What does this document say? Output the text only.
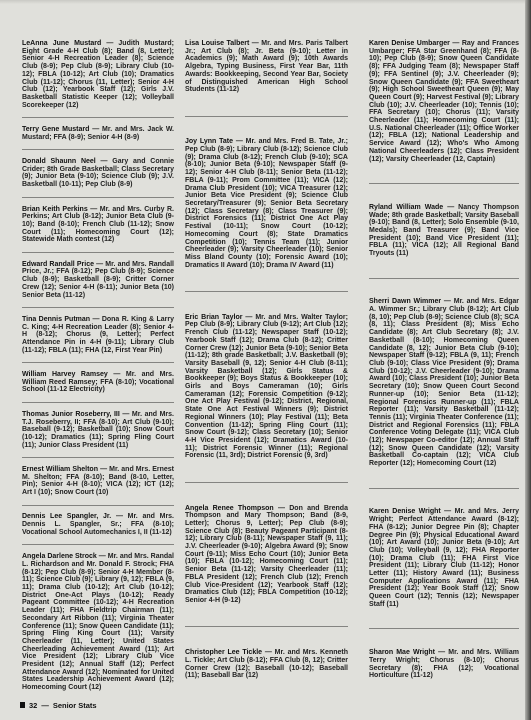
LeAnna June Mustard — Judith Mustard; Eight Grade 4-H Club (8); Band (8, Letter); Senior 4-H Recreation Leader (8); Science Club (8-9); Pep Club (8-9); Library Club (10-12); FBLA (10-12); Art Club (10); Dramatics Club (11-12); Chorus (11, Letter); Senior 4-H Club (12); Yearbook Staff (12); Girls J.V. Basketball Statistic Keeper (12); Volleyball Scorekeeper (12)
Terry Gene Mustard — Mr. and Mrs. Jack W. Mustard; FFA (8-9); Senior 4-H (8-9)
Donald Shaunn Neel — Gary and Connie Crider; 8th Grade Basketball; Class Secretary (9); Junior Beta (9-10); Science Club (9); J.V. Basketball (10-11); Pep Club (8-9)
Brian Keith Perkins — Mr. and Mrs. Curby R. Perkins; Art Club (8-12); Junior Beta Club (9-10); Band (8-10); French Club (11-12); Snow Court (11); Homecoming Court (12); Statewide Math contest (12)
Edward Randall Price — Mr. and Mrs. Randall Price, Jr.; FFA (8-12); Pep Club (8-9); Science Club (8-9); Basketball (8-9); Critter Corner Crew (12); Senior 4-H (8-11); Junior Beta (10) Senior Beta (11-12)
Tina Dennis Putman — Dona R. King & Larry C. King; 4-H Recreation Leader (8); Senior 4-H (8-12); Chorus (9, Letter); Perfect Attendance Pin in 4-H (9-11); Library Club (11-12); FBLA (11); FHA (12, First Year Pin)
William Harvey Ramsey — Mr. and Mrs. William Reed Ramsey; FFA (8-10); Vocational School (11-12 Electricity)
Thomas Junior Roseberry, III — Mr. and Mrs. T.J. Roseberry, II; FFA (8-10); Art Club (9-10); Baseball (9-12); Basketball (10); Snow Court (10-12); Dramatics (11); Spring Fling Court (11); Junior Class President (11)
Ernest William Shelton — Mr. and Mrs. Ernest M. Shelton; FFA (8-10); Band (8-10, Letter, Pin); Senior 4-H (8-10); VICA (12); ICT (12); Art I (10); Snow Court (10)
Dennis Lee Spangler, Jr. — Mr. and Mrs. Dennis L. Spangler, Sr.; FFA (8-10); Vocational School Automechanics I, II (11-12)
Angela Darlene Strock — Mr. and Mrs. Randal L. Richardson and Mr. Donald F. Strock; FHA (8-12); Pep Club (8-9); Senior 4-H Member (8-11); Science Club (9); Library (9, 12); FBLA (9, 11); Drama Club (10-12); Art Club (10-12); District One-Act Plays (10-12); Ready Pageant Committee (10-12); 4-H Recreation Leader (11); FHA Fieldtrip Chairman (11); Secondary Art Ribbon (11); Virginia Theater Conference (11); Snow Queen Candidate (11); Spring Fling King Court (11); Varsity Cheerleader (11, Letter); United States Cheerleading Achievement Award (11); Art Vice President (12); Library Club Vice President (12); Annual Staff (12); Perfect Attendance Award (12); Nominated for United States Leadership Achievement Award (12); Homecoming Court (12)
Lisa Louise Talbert — Mr. and Mrs. Paris Talbert Jr.; Art Club (8); Jr. Beta (9-10); Letter in Academics (9); Math Award (9); 10th Awards Algebra, Typing Business, First Year Bar, 11th Awards: Bookkeeping, Second Year Bar, Society of Distinguished American High School Students (11-12)
Joy Lynn Tate — Mr. and Mrs. Fred B. Tate, Jr.; Pep Club (8-9); Library Club (8-12); Science Club (9); Drama Club (8-12); French Club (9-10); SCA (8-10); Junior Beta (9-10); Newspaper Staff (9-12); Senior 4-H Club (8-11); Senior Beta (11-12); FBLA (9-11); Prom Committee (11); VICA (12); Drama Club President (10); VICA Treasurer (12); Junior Beta Vice President (9); Science Club Secretary/Treasurer (9); Senior Beta Secretary (12); Class Secretary (8); Class Treasurer (9); District Forensics (11); District One Act Play Festival (10-11); Snow Court (10-12); Homecoming Court (8); State Dramatics Competition (10); Tennis Team (11); Junior Cheerleader (9); Varsity Cheerleader (10); Senior Miss Bland County (10); Forensic Award (10); Dramatics II Award (10); Drama IV Award (11)
Eric Brian Taylor — Mr. and Mrs. Walter Taylor; Pep Club (8-9); Library Club (9-12); Art Club (12); French Club (11-12); Newspaper Staff (10-12); Yearbook Staff (12); Drama Club (8-12); Critter Corner Crew (12); Junior Beta (9-10); Senior Beta (11-12); 8th grade Basketball; J.V. Basketball (9); Varsity Baseball (9, 12); Senior 4-H Club (8-11); Varsity Basketball (12); Girls Status & Bookkeeper (9); Boys Status & Bookkeeper (10); Girls and Boys Cameraman (10); Girls Cameraman (12); Forensic Competition (9-12); One Act Play Festival (9-12); District, Regional, State One Act Festival Winners (9); District Regional Winners (10); Play Festival (11); Beta Convention (11-12); Spring Fling Court (11); Snow Court (9-12); Class Secretary (10); Senior 4-H Vice President (12); Dramatics Award (10-11); District Forensic Winner (11); Regional Forensic (11, 3rd); District Forensic (9, 3rd)
Angela Renee Thompson — Don and Brenda Thompson and Mary Thompson; Band (8-9, Letter); Chorus 9, Letter); Pep Club (8-9); Science Club (8); Beauty Pageant Participant (8-12); Library Club (8-11); Newspaper Staff (9, 11); J.V. Cheerleader (9-10); Algebra Award (9); Snow Court (9-11); Miss Echo Court (10); Junior Beta (10); FBLA (10-12); Homecoming Court (11); Senior Beta (11-12); Varsity Cheerleader (11); FBLA President (12); French Club (12); French Club Vice-President (12); Yearbook Staff (12); Dramatics Club (12); FBLA Competition (10-12); Senior 4-H (9-12)
Christopher Lee Tickle — Mr. and Mrs. Kenneth L. Tickle; Art Club (8-12); FFA Club (8, 12); Critter Corner Crew (12); Baseball (10-12); Baseball (11); Baseball Bar (12)
Karen Denise Umbarger — Ray and Frances Umbarger; FFA Star Greenhand (8); FFA (8-10); Pep Club (8-9); Snow Queen Candidate (8); FFA Judging Team (8); Newspaper Staff (9); FFA Sentinel (9); J.V. Cheerleader (9); Snow Queen Candidate (9); FFA Sweetheart (9); High School Sweetheart Queen (9); May Queen Court (9); Harvest Festival (9); Library Club (10); J.V. Cheerleader (10); Tennis (10); FFA Secretary (10); Chorus (11); Varsity Cheerleader (11); Homecoming Court (11); U.S. National Cheerleader (11); Office Worker (12); FBLA (12); National Leadership and Service Award (12); Who's Who Among National Cheerleaders (12); Class President (12); Varsity Cheerleader (12, Captain)
Ryland William Wade — Nancy Thompson Wade; 8th grade Basketball; Varsity Baseball (9-10); Band (8, Letter); Solo Ensemble (9-10, Medals); Band Treasurer (9); Band Vice President (10); Band Vice President (11); FBLA (11); VICA (12); All Regional Band Tryouts (11)
Sherri Dawn Wimmer — Mr. and Mrs. Edgar A. Wimmer Sr.; Library Club (8-12); Art Club (8, 10); Pep Club (8-9); Science Club (8); SCA (8, 11); Class President (8); Miss Echo Candidate (8); Art Club Secretary (8); J.V. Basketball (8-10); Homecoming Queen Candidate (8, 12); Junior Beta Club (9-10); Newspaper Staff (9-12); FBLA (9, 11); French Club (9-10); Class Vice President (9); Drama Club (10-12); J.V. Cheerleader (9-10); Drama Award (10); Class President (10); Junior Beta Secretary (10); Snow Queen Court Second Runner-up (10); Senior Beta (11-12); Regional Forensics Runner-up (11); FBLA Reporter (11); Varsity Basketball (11-12); Tennis (11); Virginia Theater Conference (11); District and Regional Forensics (11); FBLA Conference Voting Delegate (11); VICA Club (12); Newspaper Co-editor (12); Annual Staff (12); Snow Queen Candidate (12); Varsity Basketball Co-captain (12); VICA Club Reporter (12); Homecoming Court (12)
Karen Denise Wright — Mr. and Mrs. Jerry Wright; Perfect Attendance Award (8-12); FHA (8-12); Junior Degree Pin (8); Chapter Degree Pin (9); Physical Educational Award (10); Art Award (10); Junior Beta (9-10); Art Club (10); Volleyball (9, 12); FHA Reporter (10); Drama Club (11); FHA First Vice President (11); Library Club (11-12); Honor Letter (11); History Award (11); Business Computer Applications Award (11); FHA President (12); Year Book Staff (12); Snow Queen Court (12); Tennis (12); Newspaper Staff (11)
Sharon Mae Wright — Mr. and Mrs. William Terry Wright; Chorus (8-10); Chorus Secretary (8); FHA (12); Vocational Horticulture (11-12)
32 — Senior Stats
